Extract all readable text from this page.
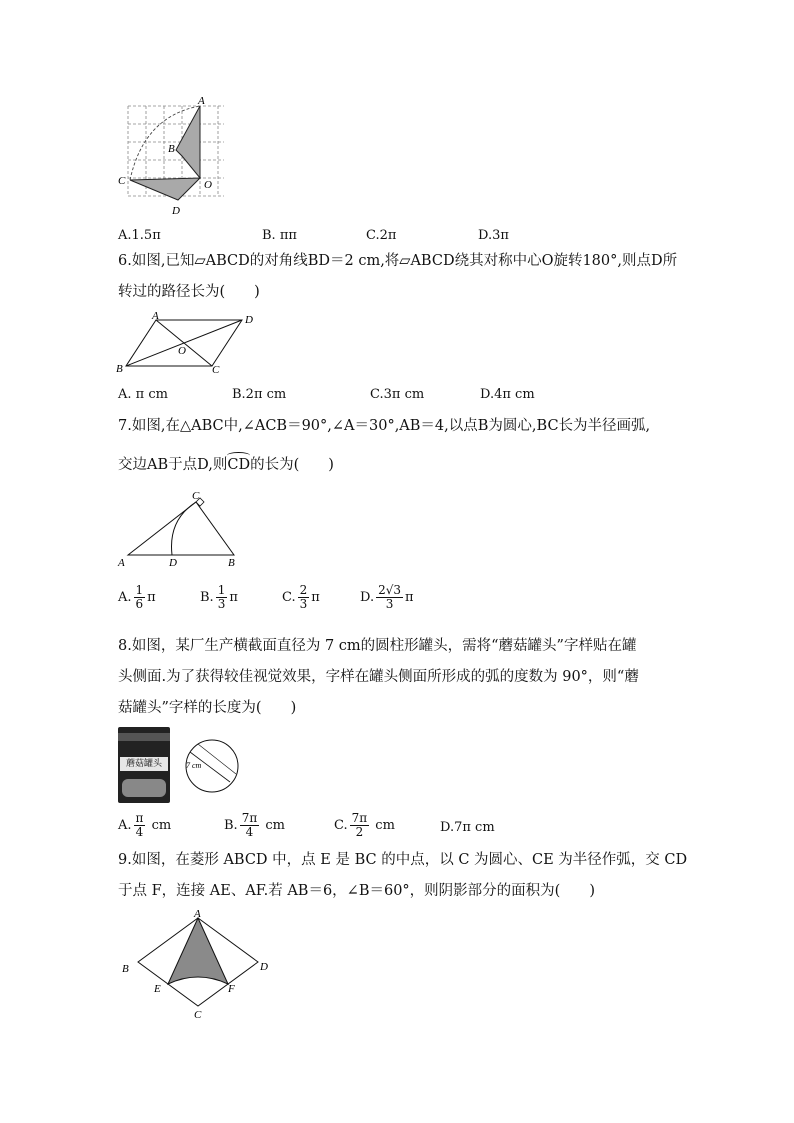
A
B
C	O
D
A.1.5π	B. ππ	C.2π	D.3π
6.如图,已知▱ABCD的对角线BD＝2 cm,将▱ABCD绕其对称中心O旋转180°,则点D所
转过的路径长为(　　)
A	D
O
B	C
A. π cm	B.2π cm	C.3π cm	D.4π cm
7.如图,在△ABC中,∠ACB＝90°,∠A＝30°,AB＝4,以点B为圆心,BC长为半径画弧,
交边AB于点D,则CD的长为(　　)
C
A	D	B
A. $\frac{1}{6}$ π	B. $\frac{1}{3}$ π	C. $\frac{2}{3}$ π	D. $\frac{2√3}{3}$ π
8.如图，某厂生产横截面直径为 7 cm的圆柱形罐头，需将“蘑菇罐头”字样贴在罐
头侧面.为了获得较佳视觉效果，字样在罐头侧面所形成的弧的度数为 90°，则“蘑
菇罐头”字样的长度为(　　)
蘑菇罐头	7 cm
A. $\frac{\pi}{4}$ cm	B. $\frac{7\pi}{4}$ cm	C. $\frac{7\pi}{2}$ cm	D.7π cm
9.如图，在菱形 ABCD 中，点 E 是 BC 的中点，以 C 为圆心、CE 为半径作弧，交 CD
于点 F，连接 AE、AF.若 AB＝6，∠B＝60°，则阴影部分的面积为(　　)
A
B	D
E	F
C
